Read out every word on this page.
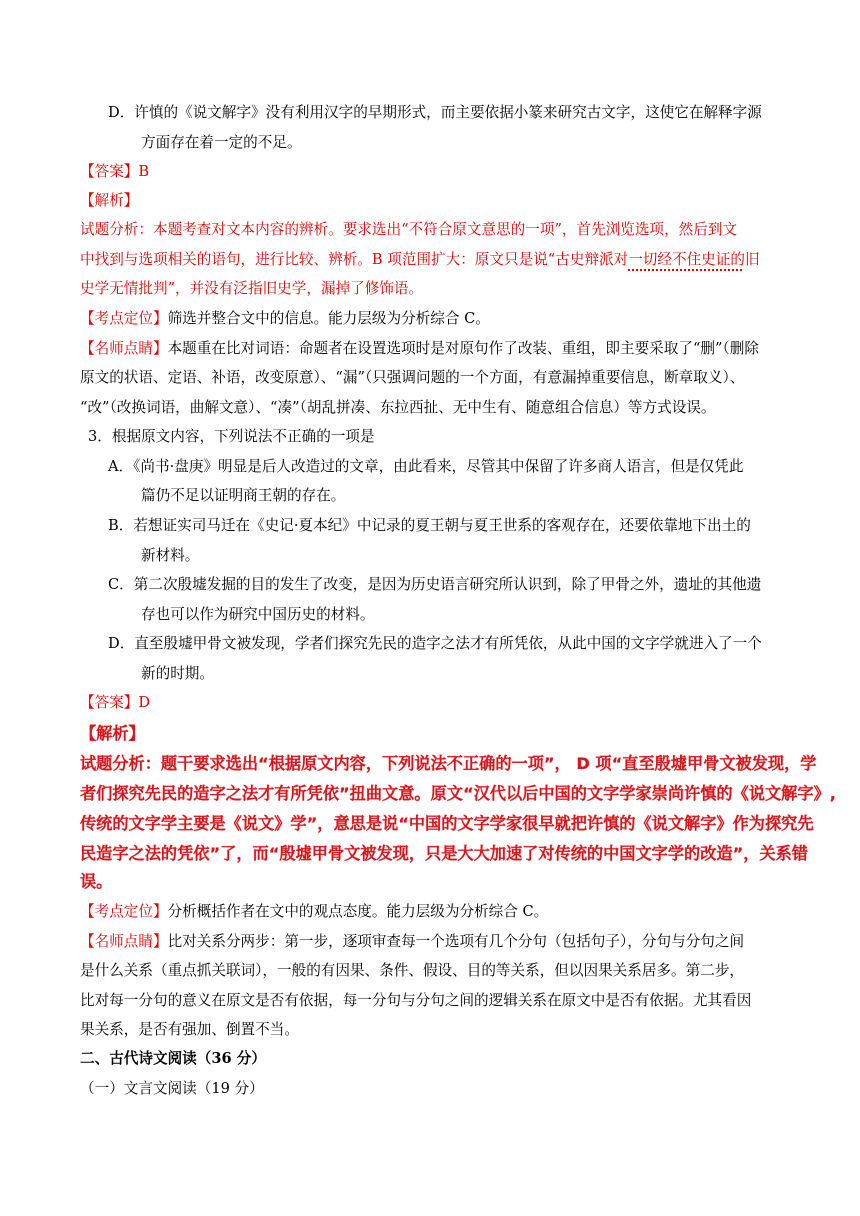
D．许慎的《说文解字》没有利用汉字的早期形式，而主要依据小篆来研究古文字，这使它在解释字源
方面存在着一定的不足。
【答案】B
【解析】
试题分析：本题考查对文本内容的辨析。要求选出“不符合原文意思的一项”，首先浏览选项，然后到文
中找到与选项相关的语句，进行比较、辨析。B 项范围扩大：原文只是说“古史辩派对一切经不住史证的旧
史学无情批判”，并没有泛指旧史学，漏掉了修饰语。
【考点定位】筛选并整合文中的信息。能力层级为分析综合 C。
【名师点睛】本题重在比对词语：命题者在设置选项时是对原句作了改装、重组，即主要采取了“删”（删除
原文的状语、定语、补语，改变原意）、“漏”（只强调问题的一个方面，有意漏掉重要信息，断章取义）、
“改”（改换词语，曲解文意）、“凑”（胡乱拼凑、东拉西扯、无中生有、随意组合信息）等方式设误。
3．根据原文内容，下列说法不正确的一项是
A．《尚书·盘庚》明显是后人改造过的文章，由此看来，尽管其中保留了许多商人语言，但是仅凭此
篇仍不足以证明商王朝的存在。
B．若想证实司马迁在《史记·夏本纪》中记录的夏王朝与夏王世系的客观存在，还要依靠地下出土的
新材料。
C．第二次殷墟发掘的目的发生了改变，是因为历史语言研究所认识到，除了甲骨之外，遗址的其他遗
存也可以作为研究中国历史的材料。
D．直至殷墟甲骨文被发现，学者们探究先民的造字之法才有所凭依，从此中国的文字学就进入了一个
新的时期。
【答案】D
【解析】
试题分析：题干要求选出“根据原文内容，下列说法不正确的一项”， D 项“直至殷墟甲骨文被发现，学
者们探究先民的造字之法才有所凭依”扭曲文意。原文“汉代以后中国的文字学家崇尚许慎的《说文解字》,
传统的文字学主要是《说文》学”，意思是说“中国的文字学家很早就把许慎的《说文解字》作为探究先
民造字之法的凭依”了，而“殷墟甲骨文被发现，只是大大加速了对传统的中国文字学的改造”，关系错
误。
【考点定位】分析概括作者在文中的观点态度。能力层级为分析综合 C。
【名师点睛】比对关系分两步：第一步，逐项审查每一个选项有几个分句（包括句子），分句与分句之间
是什么关系（重点抓关联词），一般的有因果、条件、假设、目的等关系，但以因果关系居多。第二步，
比对每一分句的意义在原文是否有依据，每一分句与分句之间的逻辑关系在原文中是否有依据。尤其看因
果关系，是否有强加、倒置不当。
二、古代诗文阅读（36 分）
（一）文言文阅读（19 分）
